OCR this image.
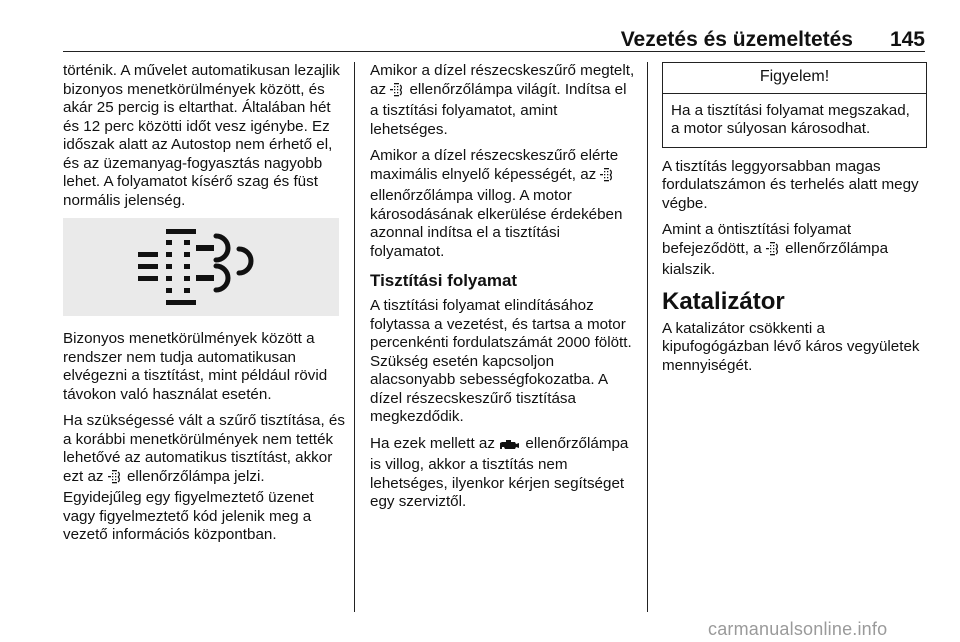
Vezetés és üzemeltetés 145

történik. A művelet automatikusan lezajlik bizonyos menetkörülmények között, és akár 25 percig is eltarthat. Általában hét és 12 perc közötti időt vesz igénybe. Ez időszak alatt az Autostop nem érhető el, és az üzemanyag-fogyasztás nagyobb lehet. A folyamatot kísérő szag és füst normális jelenség.

Bizonyos menetkörülmények között a rendszer nem tudja automatikusan elvégezni a tisztítást, mint például rövid távokon való használat esetén.

Ha szükségessé vált a szűrő tisztítása, és a korábbi menetkörülmények nem tették lehetővé az automatikus tisztítást, akkor ezt az  ellenőrzőlámpa jelzi. Egyidejűleg egy figyelmeztető üzenet vagy figyelmeztető kód jelenik meg a vezető információs központban.

Amikor a dízel részecskeszűrő megtelt, az  ellenőrzőlámpa világít. Indítsa el a tisztítási folyamatot, amint lehetséges.

Amikor a dízel részecskeszűrő elérte maximális elnyelő képességét, az  ellenőrzőlámpa villog. A motor károsodásának elkerülése érdekében azonnal indítsa el a tisztítási folyamatot.

Tisztítási folyamat

A tisztítási folyamat elindításához folytassa a vezetést, és tartsa a motor percenkénti fordulatszámát 2000 fölött. Szükség esetén kapcsoljon alacsonyabb sebességfokozatba. A dízel részecskeszűrő tisztítása megkezdődik.

Ha ezek mellett az  ellenőrzőlámpa is villog, akkor a tisztítás nem lehetséges, ilyenkor kérjen segítséget egy szerviztől.

Figyelem!
Ha a tisztítási folyamat megszakad, a motor súlyosan károsodhat.

A tisztítás leggyorsabban magas fordulatszámon és terhelés alatt megy végbe.

Amint a öntisztítási folyamat befejeződött, a  ellenőrzőlámpa kialszik.

Katalizátor

A katalizátor csökkenti a kipufogógázban lévő káros vegyületek mennyiségét.

carmanualsonline.info
